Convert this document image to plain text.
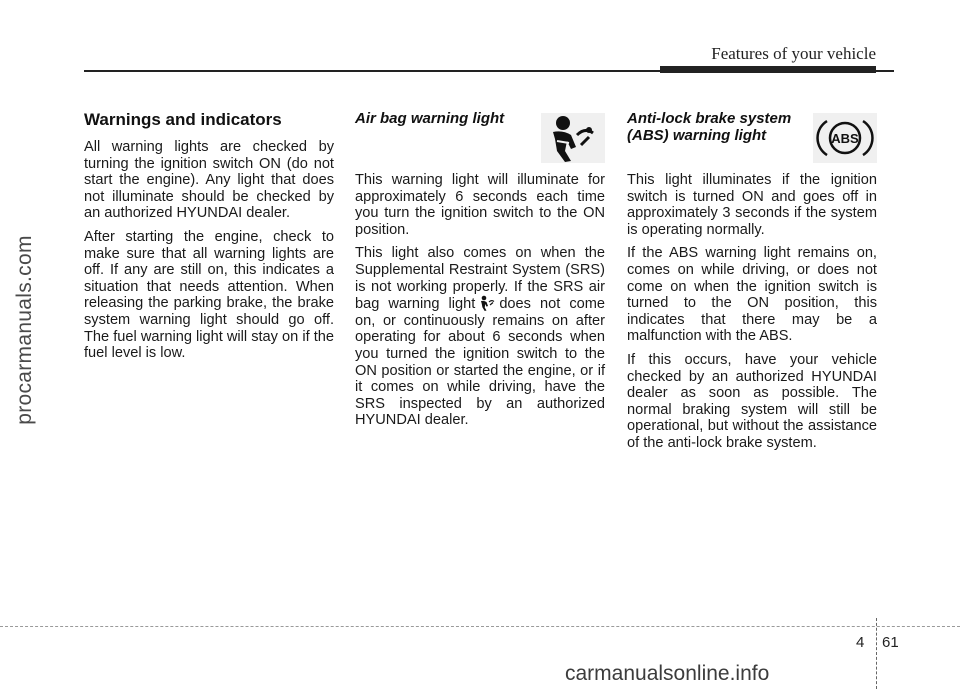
Features of your vehicle
procarmanuals.com
Warnings and indicators

All warning lights are checked by turning the ignition switch ON (do not start the engine). Any light that does not illuminate should be checked by an authorized HYUNDAI dealer.

After starting the engine, check to make sure that all warning lights are off. If any are still on, this indicates a situation that needs attention. When releasing the parking brake, the brake system warning light should go off. The fuel warning light will stay on if the fuel level is low.

Air bag warning light

This warning light will illuminate for approximately 6 seconds each time you turn the ignition switch to the ON position.

This light also comes on when the Supplemental Restraint System (SRS) is not working properly. If the SRS air bag warning light does not come on, or continuously remains on after operating for about 6 seconds when you turned the ignition switch to the ON position or started the engine, or if it comes on while driving, have the SRS inspected by an authorized HYUNDAI dealer.

Anti-lock brake system (ABS) warning light	ABS

This light illuminates if the ignition switch is turned ON and goes off in approximately 3 seconds if the system is operating normally.

If the ABS warning light remains on, comes on while driving, or does not come on when the ignition switch is turned to the ON position, this indicates that there may be a malfunction with the ABS.

If this occurs, have your vehicle checked by an authorized HYUNDAI dealer as soon as possible. The normal braking system will still be operational, but without the assistance of the anti-lock brake system.

4 61
carmanualsonline.info
